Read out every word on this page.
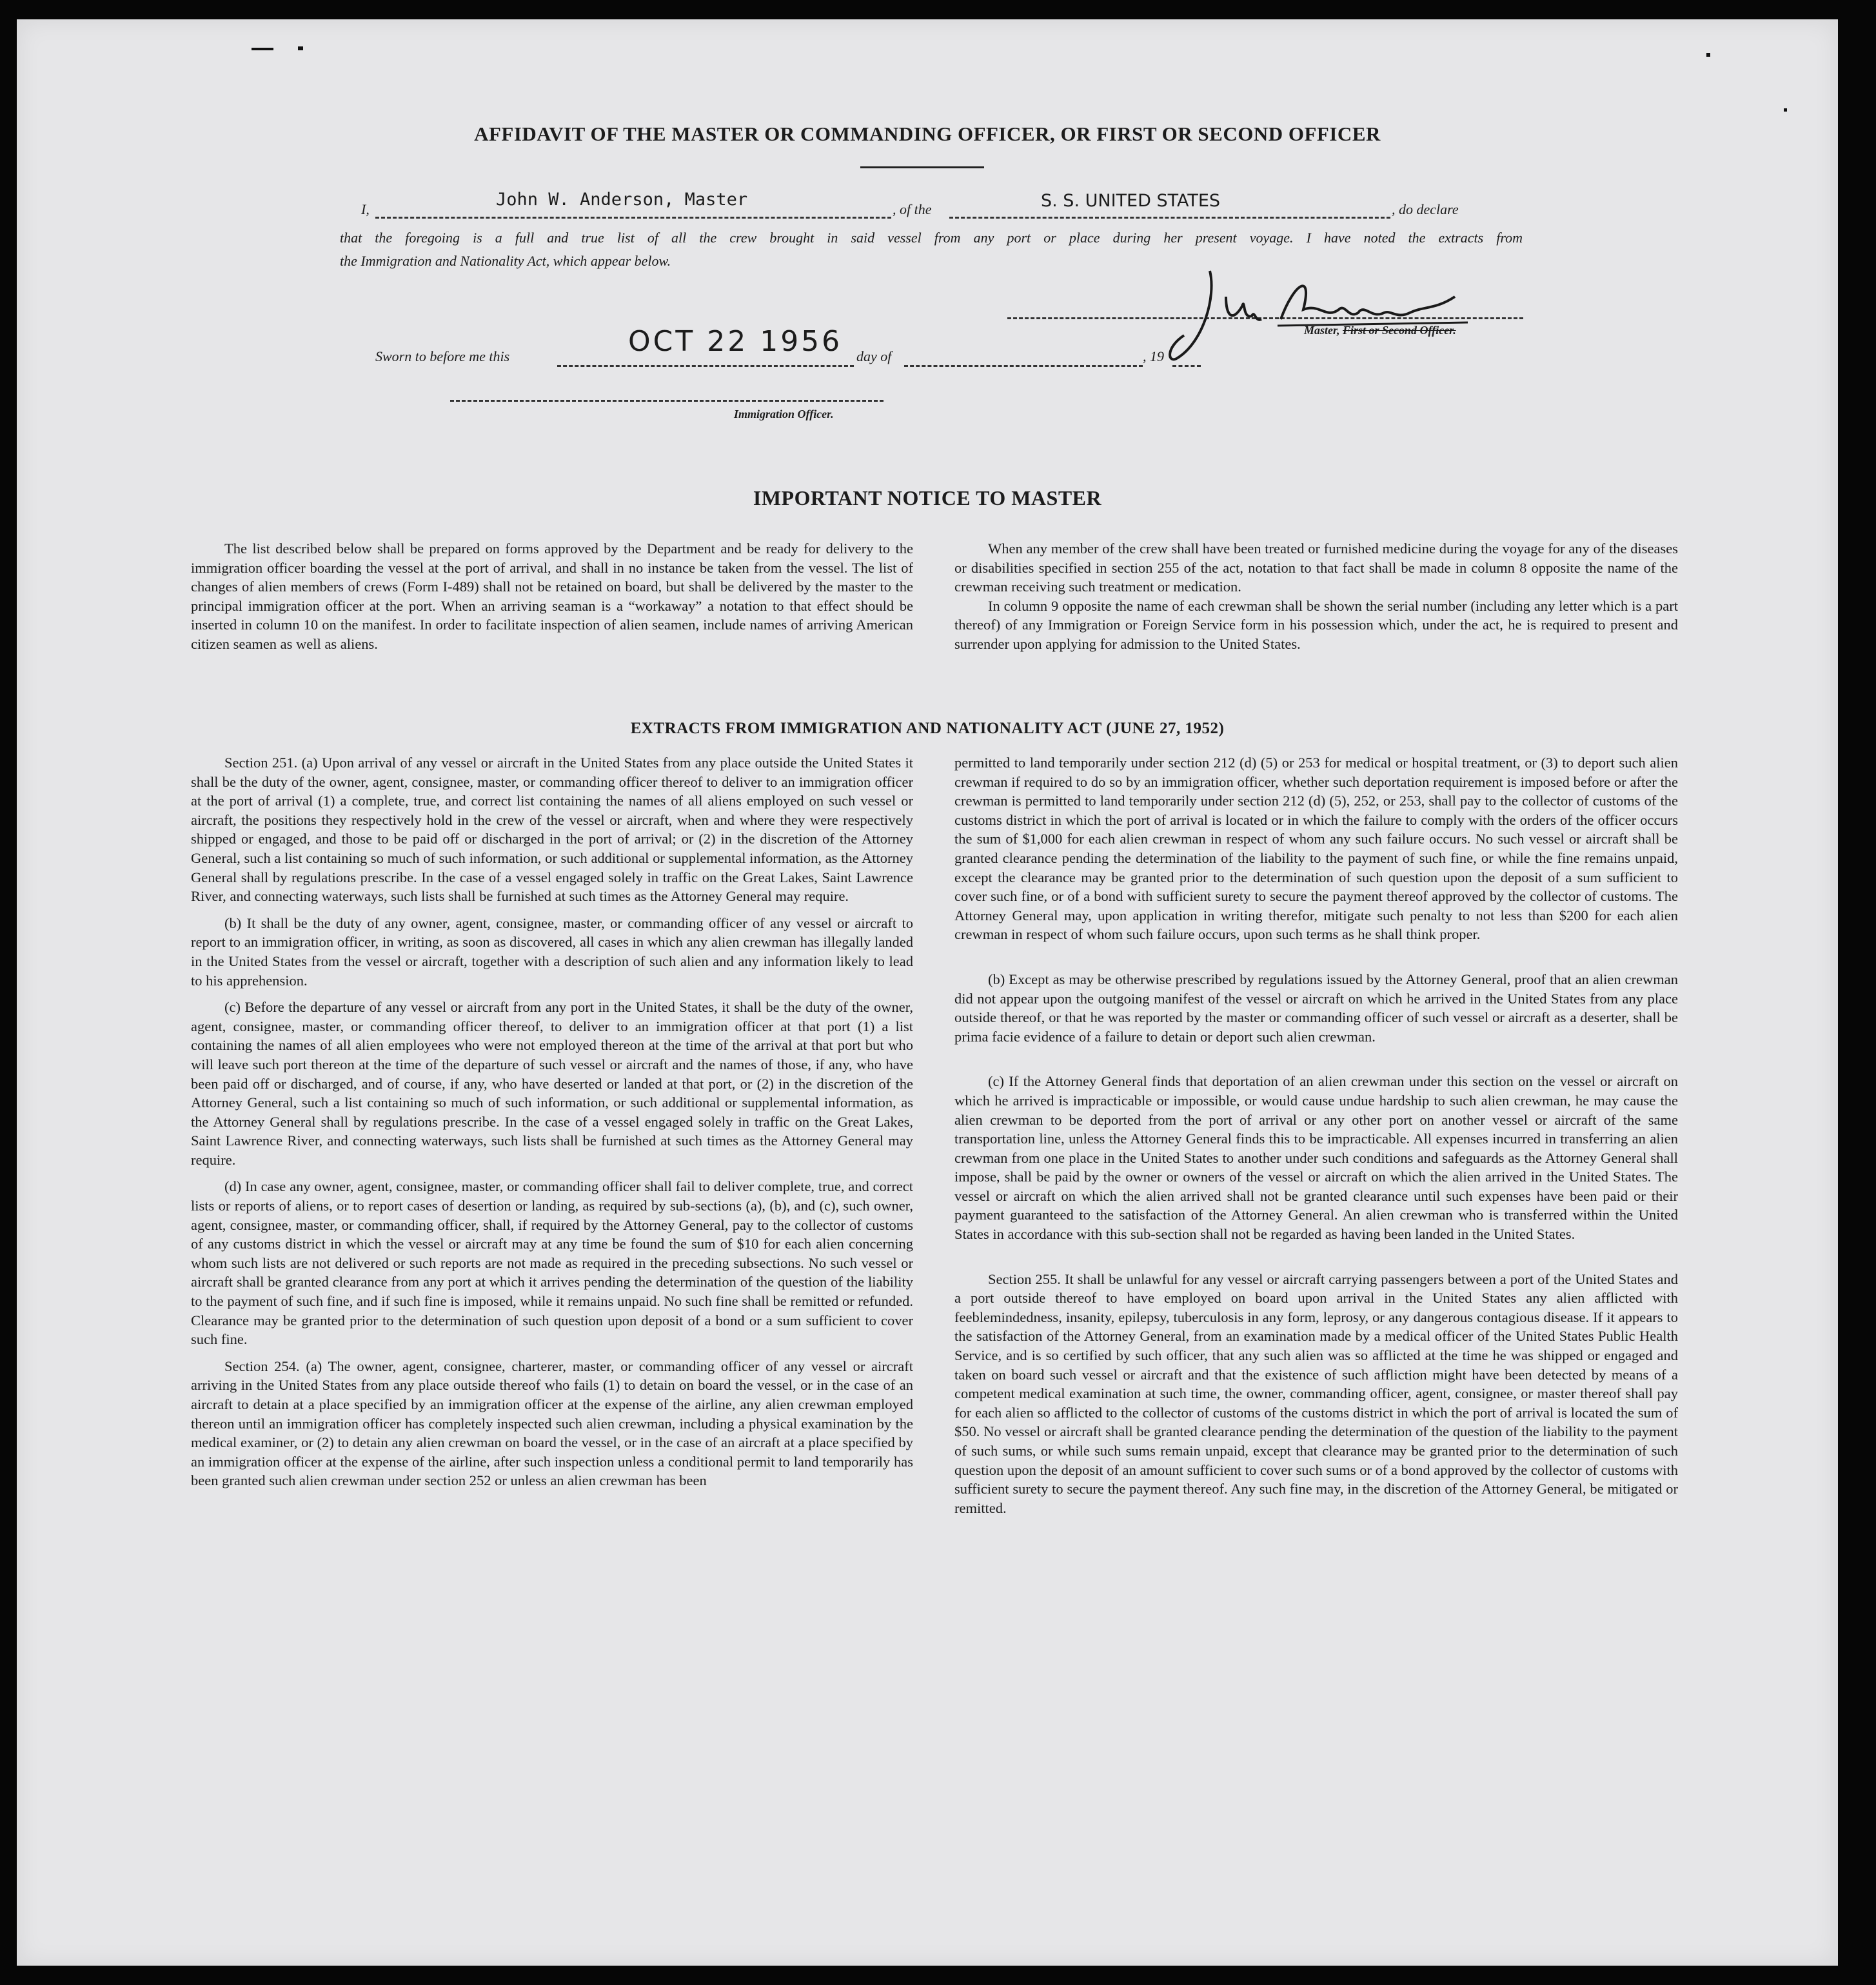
AFFIDAVIT OF THE MASTER OR COMMANDING OFFICER, OR FIRST OR SECOND OFFICER
I,	John W. Anderson, Master	, of the	S. S. UNITED STATES	, do declare
that the foregoing is a full and true list of all the crew brought in said vessel from any port or place during her present voyage. I have noted the extracts from
the Immigration and Nationality Act, which appear below.
Master, First or Second Officer.
Sworn to before me this	OCT 22 1956 day of	, 19
Immigration Officer.
IMPORTANT NOTICE TO MASTER

The list described below shall be prepared on forms approved by the Department and be ready for delivery to the immigration officer boarding the vessel at the port of arrival, and shall in no instance be taken from the vessel. The list of changes of alien members of crews (Form I-489) shall not be retained on board, but shall be delivered by the master to the principal immigration officer at the port. When an arriving seaman is a “workaway” a notation to that effect should be inserted in column 10 on the manifest. In order to facilitate inspection of alien seamen, include names of arriving American citizen seamen as well as aliens.

When any member of the crew shall have been treated or furnished medicine during the voyage for any of the diseases or disabilities specified in section 255 of the act, notation to that fact shall be made in column 8 opposite the name of the crewman receiving such treatment or medication.

In column 9 opposite the name of each crewman shall be shown the serial number (including any letter which is a part thereof) of any Immigration or Foreign Service form in his possession which, under the act, he is required to present and surrender upon applying for admission to the United States.

EXTRACTS FROM IMMIGRATION AND NATIONALITY ACT (JUNE 27, 1952)

Section 251. (a) Upon arrival of any vessel or aircraft in the United States from any place outside the United States it shall be the duty of the owner, agent, consignee, master, or commanding officer thereof to deliver to an immigration officer at the port of arrival (1) a complete, true, and correct list containing the names of all aliens employed on such vessel or aircraft, the positions they respectively hold in the crew of the vessel or aircraft, when and where they were respectively shipped or engaged, and those to be paid off or discharged in the port of arrival; or (2) in the discretion of the Attorney General, such a list containing so much of such information, or such additional or supplemental information, as the Attorney General shall by regulations prescribe. In the case of a vessel engaged solely in traffic on the Great Lakes, Saint Lawrence River, and connecting waterways, such lists shall be furnished at such times as the Attorney General may require.

(b) It shall be the duty of any owner, agent, consignee, master, or commanding officer of any vessel or aircraft to report to an immigration officer, in writing, as soon as discovered, all cases in which any alien crewman has illegally landed in the United States from the vessel or aircraft, together with a description of such alien and any information likely to lead to his apprehension.

(c) Before the departure of any vessel or aircraft from any port in the United States, it shall be the duty of the owner, agent, consignee, master, or commanding officer thereof, to deliver to an immigration officer at that port (1) a list containing the names of all alien employees who were not employed thereon at the time of the arrival at that port but who will leave such port thereon at the time of the departure of such vessel or aircraft and the names of those, if any, who have been paid off or discharged, and of course, if any, who have deserted or landed at that port, or (2) in the discretion of the Attorney General, such a list containing so much of such information, or such additional or supplemental information, as the Attorney General shall by regulations prescribe. In the case of a vessel engaged solely in traffic on the Great Lakes, Saint Lawrence River, and connecting waterways, such lists shall be furnished at such times as the Attorney General may require.

(d) In case any owner, agent, consignee, master, or commanding officer shall fail to deliver complete, true, and correct lists or reports of aliens, or to report cases of desertion or landing, as required by sub-sections (a), (b), and (c), such owner, agent, consignee, master, or commanding officer, shall, if required by the Attorney General, pay to the collector of customs of any customs district in which the vessel or aircraft may at any time be found the sum of $10 for each alien concerning whom such lists are not delivered or such reports are not made as required in the preceding subsections. No such vessel or aircraft shall be granted clearance from any port at which it arrives pending the determination of the question of the liability to the payment of such fine, and if such fine is imposed, while it remains unpaid. No such fine shall be remitted or refunded. Clearance may be granted prior to the determination of such question upon deposit of a bond or a sum sufficient to cover such fine.

Section 254. (a) The owner, agent, consignee, charterer, master, or commanding officer of any vessel or aircraft arriving in the United States from any place outside thereof who fails (1) to detain on board the vessel, or in the case of an aircraft to detain at a place specified by an immigration officer at the expense of the airline, any alien crewman employed thereon until an immigration officer has completely inspected such alien crewman, including a physical examination by the medical examiner, or (2) to detain any alien crewman on board the vessel, or in the case of an aircraft at a place specified by an immigration officer at the expense of the airline, after such inspection unless a conditional permit to land temporarily has been granted such alien crewman under section 252 or unless an alien crewman has been

permitted to land temporarily under section 212 (d) (5) or 253 for medical or hospital treatment, or (3) to deport such alien crewman if required to do so by an immigration officer, whether such deportation requirement is imposed before or after the crewman is permitted to land temporarily under section 212 (d) (5), 252, or 253, shall pay to the collector of customs of the customs district in which the port of arrival is located or in which the failure to comply with the orders of the officer occurs the sum of $1,000 for each alien crewman in respect of whom any such failure occurs. No such vessel or aircraft shall be granted clearance pending the determination of the liability to the payment of such fine, or while the fine remains unpaid, except the clearance may be granted prior to the determination of such question upon the deposit of a sum sufficient to cover such fine, or of a bond with sufficient surety to secure the payment thereof approved by the collector of customs. The Attorney General may, upon application in writing therefor, mitigate such penalty to not less than $200 for each alien crewman in respect of whom such failure occurs, upon such terms as he shall think proper.

(b) Except as may be otherwise prescribed by regulations issued by the Attorney General, proof that an alien crewman did not appear upon the outgoing manifest of the vessel or aircraft on which he arrived in the United States from any place outside thereof, or that he was reported by the master or commanding officer of such vessel or aircraft as a deserter, shall be prima facie evidence of a failure to detain or deport such alien crewman.

(c) If the Attorney General finds that deportation of an alien crewman under this section on the vessel or aircraft on which he arrived is impracticable or impossible, or would cause undue hardship to such alien crewman, he may cause the alien crewman to be deported from the port of arrival or any other port on another vessel or aircraft of the same transportation line, unless the Attorney General finds this to be impracticable. All expenses incurred in transferring an alien crewman from one place in the United States to another under such conditions and safeguards as the Attorney General shall impose, shall be paid by the owner or owners of the vessel or aircraft on which the alien arrived in the United States. The vessel or aircraft on which the alien arrived shall not be granted clearance until such expenses have been paid or their payment guaranteed to the satisfaction of the Attorney General. An alien crewman who is transferred within the United States in accordance with this sub-section shall not be regarded as having been landed in the United States.

Section 255. It shall be unlawful for any vessel or aircraft carrying passengers between a port of the United States and a port outside thereof to have employed on board upon arrival in the United States any alien afflicted with feeblemindedness, insanity, epilepsy, tuberculosis in any form, leprosy, or any dangerous contagious disease. If it appears to the satisfaction of the Attorney General, from an examination made by a medical officer of the United States Public Health Service, and is so certified by such officer, that any such alien was so afflicted at the time he was shipped or engaged and taken on board such vessel or aircraft and that the existence of such affliction might have been detected by means of a competent medical examination at such time, the owner, commanding officer, agent, consignee, or master thereof shall pay for each alien so afflicted to the collector of customs of the customs district in which the port of arrival is located the sum of $50. No vessel or aircraft shall be granted clearance pending the determination of the question of the liability to the payment of such sums, or while such sums remain unpaid, except that clearance may be granted prior to the determination of such question upon the deposit of an amount sufficient to cover such sums or of a bond approved by the collector of customs with sufficient surety to secure the payment thereof. Any such fine may, in the discretion of the Attorney General, be mitigated or remitted.
